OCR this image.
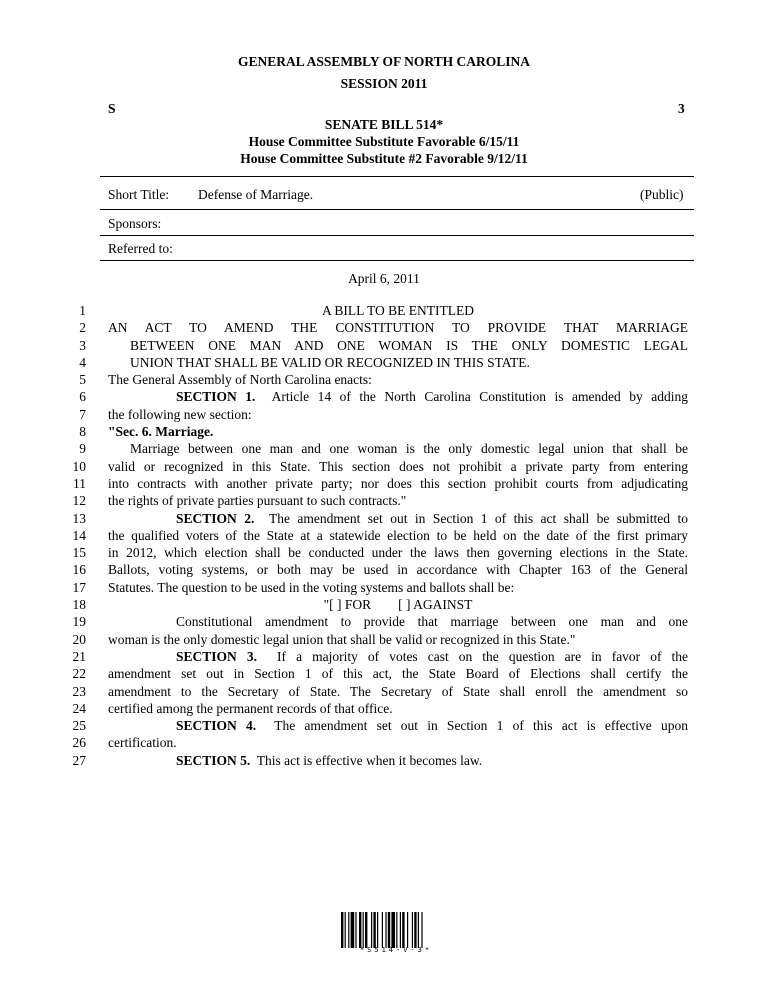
GENERAL ASSEMBLY OF NORTH CAROLINA
SESSION 2011
S	3
SENATE BILL 514*
House Committee Substitute Favorable 6/15/11
House Committee Substitute #2 Favorable 9/12/11
Short Title: Defense of Marriage.	(Public)
Sponsors:
Referred to:
April 6, 2011
1	A BILL TO BE ENTITLED
2 AN ACT TO AMEND THE CONSTITUTION TO PROVIDE THAT MARRIAGE
3	BETWEEN ONE MAN AND ONE WOMAN IS THE ONLY DOMESTIC LEGAL
4	UNION THAT SHALL BE VALID OR RECOGNIZED IN THIS STATE.
5 The General Assembly of North Carolina enacts:
6	SECTION 1. Article 14 of the North Carolina Constitution is amended by adding
7 the following new section:
8 "Sec. 6. Marriage.
9	Marriage between one man and one woman is the only domestic legal union that shall be
10 valid or recognized in this State. This section does not prohibit a private party from entering
11 into contracts with another private party; nor does this section prohibit courts from adjudicating
12 the rights of private parties pursuant to such contracts."
13	SECTION 2. The amendment set out in Section 1 of this act shall be submitted to
14 the qualified voters of the State at a statewide election to be held on the date of the first primary
15 in 2012, which election shall be conducted under the laws then governing elections in the State.
16 Ballots, voting systems, or both may be used in accordance with Chapter 163 of the General
17 Statutes. The question to be used in the voting systems and ballots shall be:
18	"[ ] FOR        [ ] AGAINST
19	Constitutional amendment to provide that marriage between one man and one
20 woman is the only domestic legal union that shall be valid or recognized in this State."
21	SECTION 3. If a majority of votes cast on the question are in favor of the
22 amendment set out in Section 1 of this act, the State Board of Elections shall certify the
23 amendment to the Secretary of State. The Secretary of State shall enroll the amendment so
24 certified among the permanent records of that office.
25	SECTION 4. The amendment set out in Section 1 of this act is effective upon
26 certification.
27	SECTION 5. This act is effective when it becomes law.
*S514-V-3*
